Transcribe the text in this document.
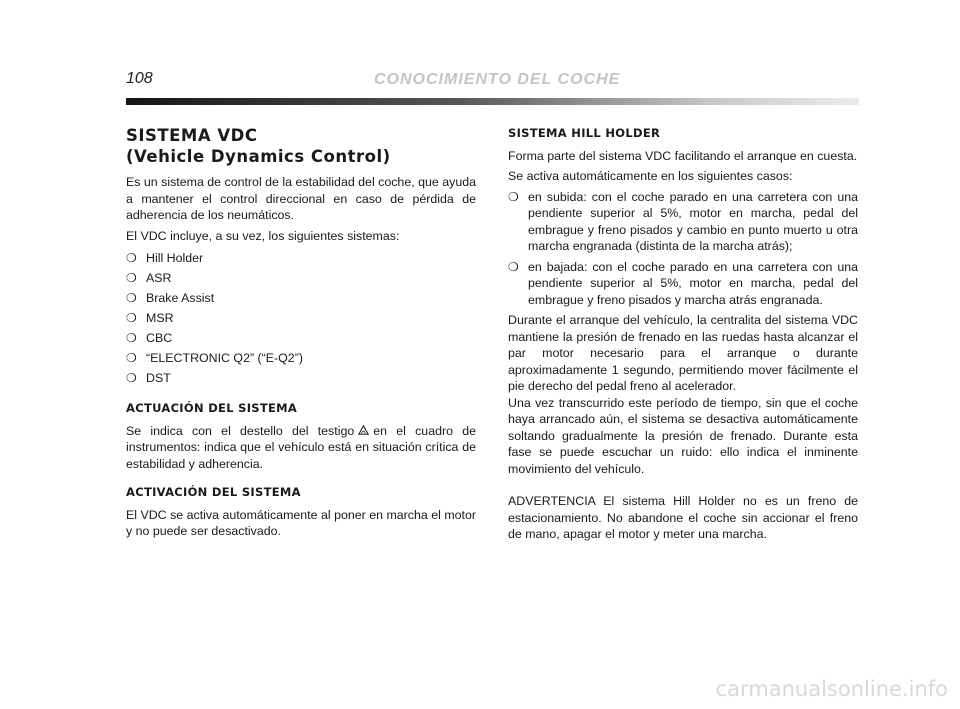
108	CONOCIMIENTO DEL COCHE
SISTEMA VDC
(Vehicle Dynamics Control)

Es un sistema de control de la estabilidad del coche, que ayuda a mantener el control direccional en caso de pérdida de adherencia de los neumáticos.

El VDC incluye, a su vez, los siguientes sistemas:

❍ Hill Holder
❍ ASR
❍ Brake Assist
❍ MSR
❍ CBC
❍ “ELECTRONIC Q2” (“E-Q2”)
❍ DST
ACTUACIÓN DEL SISTEMA

Se indica con el destello del testigo en el cuadro de instrumentos: indica que el vehículo está en situación crítica de estabilidad y adherencia.

ACTIVACIÓN DEL SISTEMA

El VDC se activa automáticamente al poner en marcha el motor y no puede ser desactivado.

SISTEMA HILL HOLDER

Forma parte del sistema VDC facilitando el arranque en cuesta.

Se activa automáticamente en los siguientes casos:

❍ en subida: con el coche parado en una carretera con una pendiente superior al 5%, motor en marcha, pedal del embrague y freno pisados y cambio en punto muerto u otra marcha engranada (distinta de la marcha atrás);
❍ en bajada: con el coche parado en una carretera con una pendiente superior al 5%, motor en marcha, pedal del embrague y freno pisados y marcha atrás engranada.

Durante el arranque del vehículo, la centralita del sistema VDC mantiene la presión de frenado en las ruedas hasta alcanzar el par motor necesario para el arranque o durante aproximadamente 1 segundo, permitiendo mover fácilmente el pie derecho del pedal freno al acelerador.

Una vez transcurrido este período de tiempo, sin que el coche haya arrancado aún, el sistema se desactiva automáticamente soltando gradualmente la presión de frenado. Durante esta fase se puede escuchar un ruido: ello indica el inminente movimiento del vehículo.

ADVERTENCIA El sistema Hill Holder no es un freno de estacionamiento. No abandone el coche sin accionar el freno de mano, apagar el motor y meter una marcha.

carmanualsonline.info
